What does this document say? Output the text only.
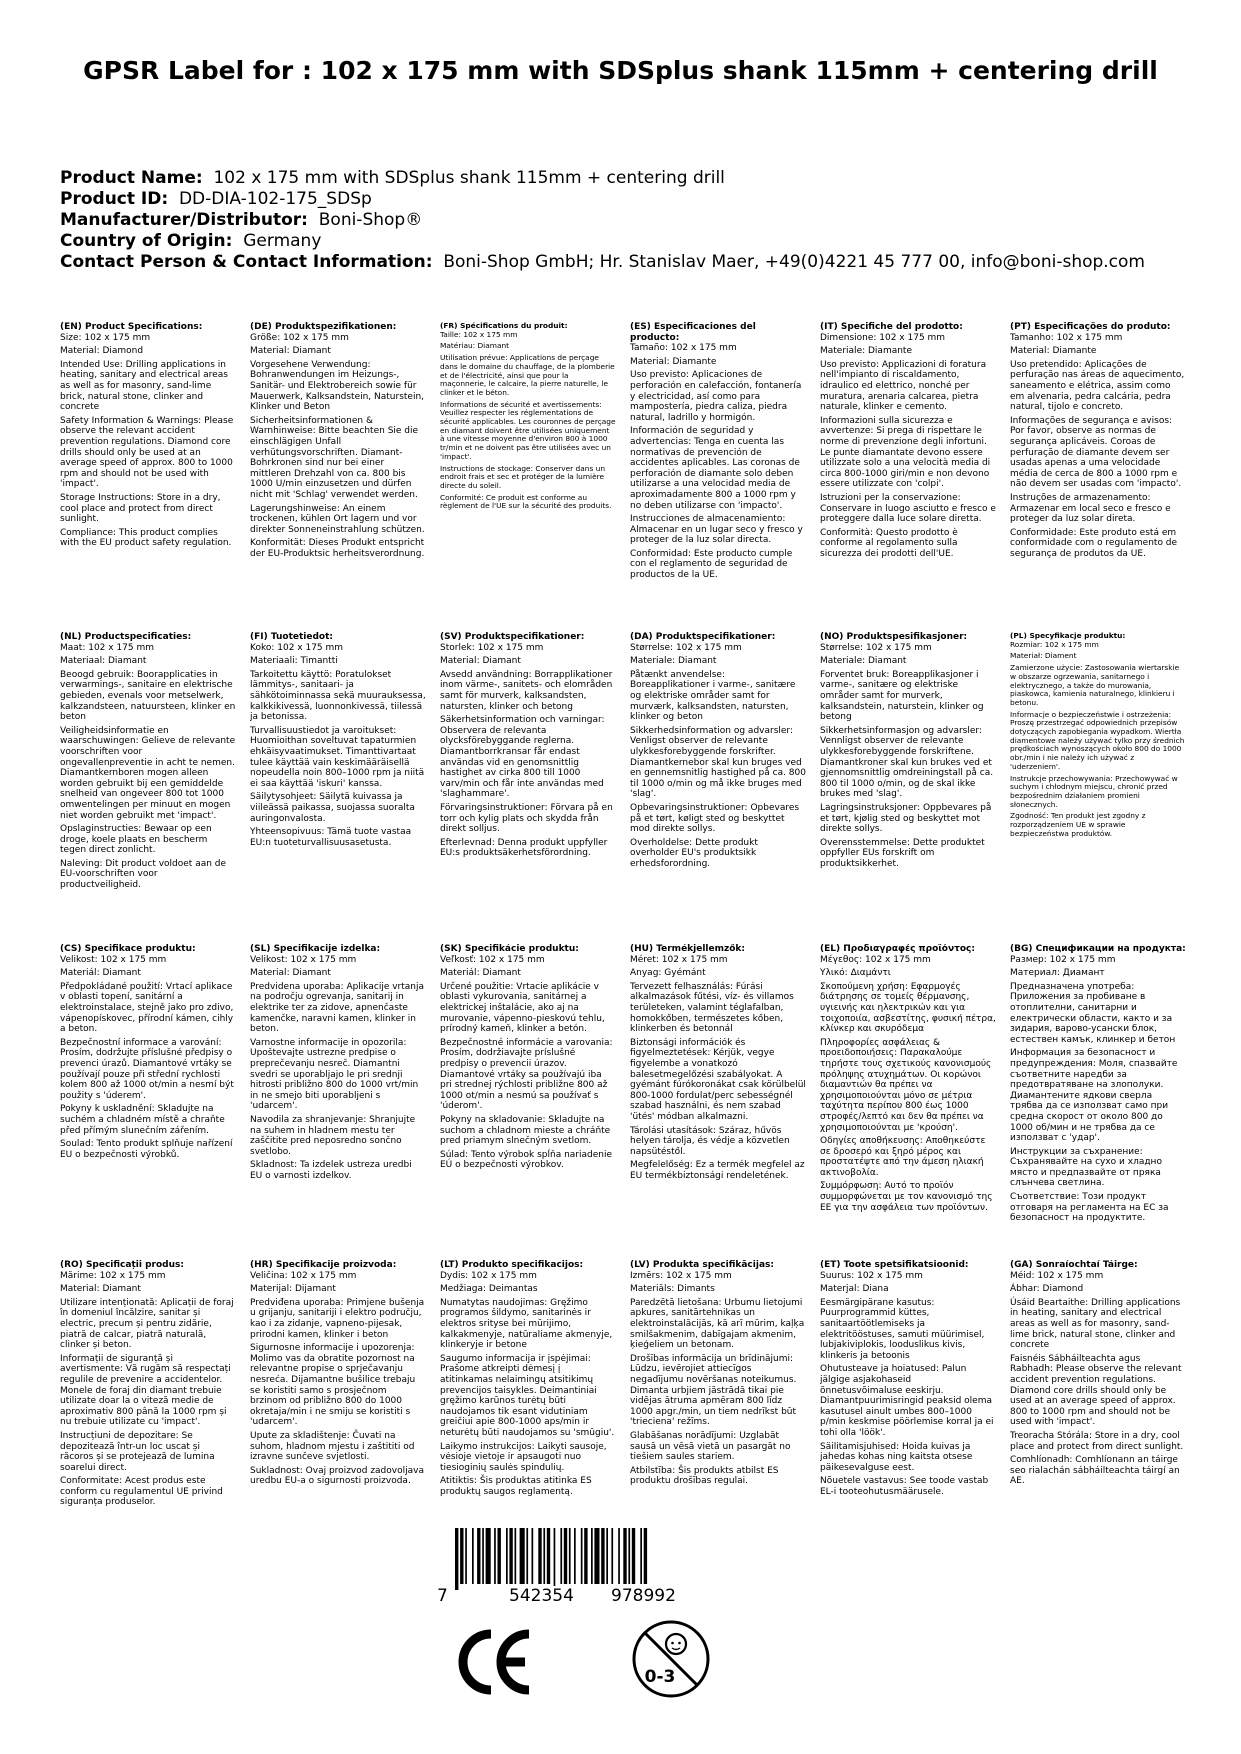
GPSR Label for : 102 x 175 mm with SDSplus shank 115mm + centering drill
Product Name: 102 x 175 mm with SDSplus shank 115mm + centering drill
Product ID: DD-DIA-102-175_SDSp
Manufacturer/Distributor: Boni-Shop®
Country of Origin: Germany
Contact Person & Contact Information: Boni-Shop GmbH; Hr. Stanislav Maer, +49(0)4221 45 777 00, info@boni-shop.com

(EN) Product Specifications:
Size: 102 x 175 mm

Material: Diamond

Intended Use: Drilling applications in heating, sanitary and electrical areas as well as for masonry, sand-lime brick, natural stone, clinker and concrete

Safety Information & Warnings: Please observe the relevant accident prevention regulations. Diamond core drills should only be used at an average speed of approx. 800 to 1000 rpm and should not be used with 'impact'.

Storage Instructions: Store in a dry, cool place and protect from direct sunlight.

Compliance: This product complies with the EU product safety regulation.

(DE) Produktspezifikationen:
Größe: 102 x 175 mm

Material: Diamant

Vorgesehene Verwendung: Bohranwendungen im Heizungs-, Sanitär- und Elektrobereich sowie für Mauerwerk, Kalksandstein, Naturstein, Klinker und Beton

Sicherheitsinformationen & Warnhinweise: Bitte beachten Sie die einschlägigen Unfall verhütungsvorschriften. Diamant-Bohrkronen sind nur bei einer mittleren Drehzahl von ca. 800 bis 1000 U/min einzusetzen und dürfen nicht mit 'Schlag' verwendet werden.

Lagerungshinweise: An einem trockenen, kühlen Ort lagern und vor direkter Sonneneinstrahlung schützen.

Konformität: Dieses Produkt entspricht der EU-Produktsic herheitsverordnung.

(FR) Spécifications du produit:
Taille: 102 x 175 mm

Matériau: Diamant

Utilisation prévue: Applications de perçage dans le domaine du chauffage, de la plomberie et de l'électricité, ainsi que pour la maçonnerie, le calcaire, la pierre naturelle, le clinker et le béton.

Informations de sécurité et avertissements: Veuillez respecter les réglementations de sécurité applicables. Les couronnes de perçage en diamant doivent être utilisées uniquement à une vitesse moyenne d'environ 800 à 1000 tr/min et ne doivent pas être utilisées avec un 'impact'.

Instructions de stockage: Conserver dans un endroit frais et sec et protéger de la lumière directe du soleil.

Conformité: Ce produit est conforme au règlement de l'UE sur la sécurité des produits.

(ES) Especificaciones del producto:
Tamaño: 102 x 175 mm

Material: Diamante

Uso previsto: Aplicaciones de perforación en calefacción, fontanería y electricidad, así como para mampostería, piedra caliza, piedra natural, ladrillo y hormigón.

Información de seguridad y advertencias: Tenga en cuenta las normativas de prevención de accidentes aplicables. Las coronas de perforación de diamante solo deben utilizarse a una velocidad media de aproximadamente 800 a 1000 rpm y no deben utilizarse con 'impacto'.

Instrucciones de almacenamiento: Almacenar en un lugar seco y fresco y proteger de la luz solar directa.

Conformidad: Este producto cumple con el reglamento de seguridad de productos de la UE.

(IT) Specifiche del prodotto:
Dimensione: 102 x 175 mm

Materiale: Diamante

Uso previsto: Applicazioni di foratura nell'impianto di riscaldamento, idraulico ed elettrico, nonché per muratura, arenaria calcarea, pietra naturale, klinker e cemento.

Informazioni sulla sicurezza e avvertenze: Si prega di rispettare le norme di prevenzione degli infortuni. Le punte diamantate devono essere utilizzate solo a una velocità media di circa 800-1000 giri/min e non devono essere utilizzate con 'colpi'.

Istruzioni per la conservazione: Conservare in luogo asciutto e fresco e proteggere dalla luce solare diretta.

Conformità: Questo prodotto è conforme al regolamento sulla sicurezza dei prodotti dell'UE.

(PT) Especificações do produto:
Tamanho: 102 x 175 mm

Material: Diamante

Uso pretendido: Aplicações de perfuração nas áreas de aquecimento, saneamento e elétrica, assim como em alvenaria, pedra calcária, pedra natural, tijolo e concreto.

Informações de segurança e avisos: Por favor, observe as normas de segurança aplicáveis. Coroas de perfuração de diamante devem ser usadas apenas a uma velocidade média de cerca de 800 a 1000 rpm e não devem ser usadas com 'impacto'.

Instruções de armazenamento: Armazenar em local seco e fresco e proteger da luz solar direta.

Conformidade: Este produto está em conformidade com o regulamento de segurança de produtos da UE.

(NL) Productspecificaties:
Maat: 102 x 175 mm

Materiaal: Diamant

Beoogd gebruik: Boorapplicaties in verwarmings-, sanitaire en elektrische gebieden, evenals voor metselwerk, kalkzandsteen, natuursteen, klinker en beton

Veiligheidsinformatie en waarschuwingen: Gelieve de relevante voorschriften voor ongevallenpreventie in acht te nemen. Diamantkernboren mogen alleen worden gebruikt bij een gemiddelde snelheid van ongeveer 800 tot 1000 omwentelingen per minuut en mogen niet worden gebruikt met 'impact'.

Opslaginstructies: Bewaar op een droge, koele plaats en bescherm tegen direct zonlicht.

Naleving: Dit product voldoet aan de EU-voorschriften voor productveiligheid.

(FI) Tuotetiedot:
Koko: 102 x 175 mm

Materiaali: Timantti

Tarkoitettu käyttö: Poratulokset lämmitys-, sanitaari- ja sähkötoiminnassa sekä muurauksessa, kalkkikivessä, luonnonkivessä, tiilessä ja betonissa.

Turvallisuustiedot ja varoitukset: Huomioithan soveltuvat tapaturmien ehkäisyvaatimukset. Timanttivartaat tulee käyttää vain keskimääräisellä nopeudella noin 800–1000 rpm ja niitä ei saa käyttää 'iskuri' kanssa.

Säilytysohjeet: Säilytä kuivassa ja viileässä paikassa, suojassa suoralta auringonvalosta.

Yhteensopivuus: Tämä tuote vastaa EU:n tuoteturvallisuusasetusta.

(SV) Produktspecifikationer:
Storlek: 102 x 175 mm

Material: Diamant

Avsedd användning: Borrapplikationer inom värme-, sanitets- och elområden samt för murverk, kalksandsten, natursten, klinker och betong

Säkerhetsinformation och varningar: Observera de relevanta olycksförebyggande reglerna. Diamantborrkransar får endast användas vid en genomsnittlig hastighet av cirka 800 till 1000 varv/min och får inte användas med 'slaghammare'.

Förvaringsinstruktioner: Förvara på en torr och kylig plats och skydda från direkt solljus.

Efterlevnad: Denna produkt uppfyller EU:s produktsäkerhetsförordning.

(DA) Produktspecifikationer:
Størrelse: 102 x 175 mm

Materiale: Diamant

Påtænkt anvendelse: Boreapplikationer i varme-, sanitære og elektriske områder samt for murværk, kalksandsten, natursten, klinker og beton

Sikkerhedsinformation og advarsler: Venligst observer de relevante ulykkesforebyggende forskrifter. Diamantkernebor skal kun bruges ved en gennemsnitlig hastighed på ca. 800 til 1000 o/min og må ikke bruges med 'slag'.

Opbevaringsinstruktioner: Opbevares på et tørt, køligt sted og beskyttet mod direkte sollys.

Overholdelse: Dette produkt overholder EU's produktsikk erhedsforordning.

(NO) Produktspesifikasjoner:
Størrelse: 102 x 175 mm

Materiale: Diamant

Forventet bruk: Boreapplikasjoner i varme-, sanitære og elektriske områder samt for murverk, kalksandstein, naturstein, klinker og betong

Sikkerhetsinformasjon og advarsler: Vennligst observer de relevante ulykkesforebyggende forskriftene. Diamantkroner skal kun brukes ved et gjennomsnittlig omdreiningstall på ca. 800 til 1000 o/min, og de skal ikke brukes med 'slag'.

Lagringsinstruksjoner: Oppbevares på et tørt, kjølig sted og beskyttet mot direkte sollys.

Overensstemmelse: Dette produktet oppfyller EUs forskrift om produktsikkerhet.

(PL) Specyfikacje produktu:
Rozmiar: 102 x 175 mm

Materiał: Diament

Zamierzone użycie: Zastosowania wiertarskie w obszarze ogrzewania, sanitarnego i elektrycznego, a także do murowania, piaskowca, kamienia naturalnego, klinkieru i betonu.

Informacje o bezpieczeństwie i ostrzeżenia: Proszę przestrzegać odpowiednich przepisów dotyczących zapobiegania wypadkom. Wiertła diamentowe należy używać tylko przy średnich prędkościach wynoszących około 800 do 1000 obr./min i nie należy ich używać z 'uderzeniem'.

Instrukcje przechowywania: Przechowywać w suchym i chłodnym miejscu, chronić przed bezpośrednim działaniem promieni słonecznych.

Zgodność: Ten produkt jest zgodny z rozporządzeniem UE w sprawie bezpieczeństwa produktów.

(CS) Specifikace produktu:
Velikost: 102 x 175 mm

Materiál: Diamant

Předpokládané použití: Vrtací aplikace v oblasti topení, sanitární a elektroinstalace, stejně jako pro zdivo, vápenopískovec, přírodní kámen, cihly a beton.

Bezpečnostní informace a varování: Prosím, dodržujte příslušné předpisy o prevenci úrazů. Diamantové vrtáky se používají pouze při střední rychlosti kolem 800 až 1000 ot/min a nesmí být použity s 'úderem'.

Pokyny k uskladnění: Skladujte na suchém a chladném místě a chraňte před přímým slunečním zářením.

Soulad: Tento produkt splňuje nařízení EU o bezpečnosti výrobků.

(SL) Specifikacije izdelka:
Velikost: 102 x 175 mm

Material: Diamant

Predvidena uporaba: Aplikacije vrtanja na področju ogrevanja, sanitarij in elektrike ter za zidove, apnenčaste kamenčke, naravni kamen, klinker in beton.

Varnostne informacije in opozorila: Upoštevajte ustrezne predpise o preprečevanju nesreč. Diamantni svedri se uporabljajo le pri srednji hitrosti približno 800 do 1000 vrt/min in ne smejo biti uporabljeni s 'udarcem'.

Navodila za shranjevanje: Shranjujte na suhem in hladnem mestu ter zaščitite pred neposredno sončno svetlobo.

Skladnost: Ta izdelek ustreza uredbi EU o varnosti izdelkov.

(SK) Špecifikácie produktu:
Veľkosť: 102 x 175 mm

Materiál: Diamant

Určené použitie: Vrtacie aplikácie v oblasti vykurovania, sanitárnej a elektrickej inštalácie, ako aj na murovanie, vápenno-pieskovú tehlu, prírodný kameň, klinker a betón.

Bezpečnostné informácie a varovania: Prosím, dodržiavajte príslušné predpisy o prevencii úrazov. Diamantové vrtáky sa používajú iba pri strednej rýchlosti približne 800 až 1000 ot/min a nesmú sa používať s 'úderom'.

Pokyny na skladovanie: Skladujte na suchom a chladnom mieste a chráňte pred priamym slnečným svetlom.

Súlad: Tento výrobok spĺňa nariadenie EÚ o bezpečnosti výrobkov.

(HU) Termékjellemzők:
Méret: 102 x 175 mm

Anyag: Gyémánt

Tervezett felhasználás: Fúrási alkalmazások fűtési, víz- és villamos területeken, valamint téglafalban, homokkőben, természetes kőben, klinkerben és betonnál

Biztonsági információk és figyelmeztetések: Kérjük, vegye figyelembe a vonatkozó balesetmegelőzési szabályokat. A gyémánt fúrókoronákat csak körülbelül 800-1000 fordulat/perc sebességnél szabad használni, és nem szabad 'ütés' módban alkalmazni.

Tárolási utasítások: Száraz, hűvös helyen tárolja, és védje a közvetlen napsütéstől.

Megfelelőség: Ez a termék megfelel az EU termékbiztonsági rendeletének.

(EL) Προδιαγραφές προϊόντος:
Μέγεθος: 102 x 175 mm

Υλικό: Διαμάντι

Σκοπούμενη χρήση: Εφαρμογές διάτρησης σε τομείς θέρμανσης, υγιεινής και ηλεκτρικών και για τοιχοποιία, ασβεστίτης, φυσική πέτρα, κλίνκερ και σκυρόδεμα

Πληροφορίες ασφάλειας & προειδοποιήσεις: Παρακαλούμε τηρήστε τους σχετικούς κανονισμούς πρόληψης ατυχημάτων. Οι κορώνοι διαμαντιών θα πρέπει να χρησιμοποιούνται μόνο σε μέτρια ταχύτητα περίπου 800 έως 1000 στροφές/λεπτό και δεν θα πρέπει να χρησιμοποιούνται με 'κρούση'.

Οδηγίες αποθήκευσης: Αποθηκεύστε σε δροσερό και ξηρό μέρος και προστατέψτε από την άμεση ηλιακή ακτινοβολία.

Συμμόρφωση: Αυτό το προϊόν συμμορφώνεται με τον κανονισμό της ΕΕ για την ασφάλεια των προϊόντων.

(BG) Спецификации на продукта:
Размер: 102 x 175 mm

Материал: Диамант

Предназначена употреба: Приложения за пробиване в отоплителни, санитарни и електрически области, както и за зидария, варово-усански блок, естествен камък, клинкер и бетон

Информация за безопасност и предупреждения: Моля, спазвайте съответните наредби за предотвратяване на злополуки. Диамантените ядкови сверла трябва да се използват само при средна скорост от около 800 до 1000 об/мин и не трябва да се използват с 'удар'.

Инструкции за съхранение: Съхранявайте на сухо и хладно място и предпазвайте от пряка слънчева светлина.

Съответствие: Този продукт отговаря на регламента на ЕС за безопасност на продуктите.

(RO) Specificații produs:
Mărime: 102 x 175 mm

Material: Diamant

Utilizare intenționată: Aplicații de foraj în domeniul încălzire, sanitar și electric, precum și pentru zidărie, piatră de calcar, piatră naturală, clinker și beton.

Informații de siguranță și avertismente: Vă rugăm să respectați regulile de prevenire a accidentelor. Monele de foraj din diamant trebuie utilizate doar la o viteză medie de aproximativ 800 până la 1000 rpm și nu trebuie utilizate cu 'impact'.

Instrucțiuni de depozitare: Se depozitează într-un loc uscat și răcoros și se protejează de lumina soarelui direct.

Conformitate: Acest produs este conform cu regulamentul UE privind siguranța produselor.

(HR) Specifikacije proizvoda:
Veličina: 102 x 175 mm

Materijal: Dijamant

Predviđena uporaba: Primjene bušenja u grijanju, sanitariji i elektro području, kao i za zidanje, vapneno-pijesak, prirodni kamen, klinker i beton

Sigurnosne informacije i upozorenja: Molimo vas da obratite pozornost na relevantne propise o sprječavanju nesreća. Dijamantne bušilice trebaju se koristiti samo s prosječnom brzinom od približno 800 do 1000 okretaja/min i ne smiju se koristiti s 'udarcem'.

Upute za skladištenje: Čuvati na suhom, hladnom mjestu i zaštititi od izravne sunčeve svjetlosti.

Sukladnost: Ovaj proizvod zadovoljava uredbu EU-a o sigurnosti proizvoda.

(LT) Produkto specifikacijos:
Dydis: 102 x 175 mm

Medžiaga: Deimantas

Numatytas naudojimas: Gręžimo programos šildymo, sanitarinės ir elektros srityse bei mūrijimo, kalkakmenyje, natūraliame akmenyje, klinkeryje ir betone

Saugumo informacija ir įspėjimai: Prašome atkreipti dėmesį į atitinkamas nelaimingų atsitikimų prevencijos taisykles. Deimantiniai gręžimo karūnos turėtų būti naudojamos tik esant vidutiniam greičiui apie 800-1000 aps/min ir neturėtų būti naudojamos su 'smūgiu'.

Laikymo instrukcijos: Laikyti sausoje, vėsioje vietoje ir apsaugoti nuo tiesioginių saulės spindulių.

Atitiktis: Šis produktas atitinka ES produktų saugos reglamentą.

(LV) Produkta specifikācijas:
Izmērs: 102 x 175 mm

Materiāls: Dimants

Paredzētā lietošana: Urbumu lietojumi apkures, sanitārtehnikas un elektroinstalācijās, kā arī mūrim, kaļķa smilšakmenim, dabīgajam akmenim, ķieģeliem un betonam.

Drošības informācija un brīdinājumi: Lūdzu, ievērojiet attiecīgos negadījumu novēršanas noteikumus. Dimanta urbjiem jāstrādā tikai pie vidējas ātruma apmēram 800 līdz 1000 apgr./min, un tiem nedrīkst būt 'trieciena' režīms.

Glabāšanas norādījumi: Uzglabāt sausā un vēsā vietā un pasargāt no tiešiem saules stariem.

Atbilstība: Šis produkts atbilst ES produktu drošības regulai.

(ET) Toote spetsifikatsioonid:
Suurus: 102 x 175 mm

Materjal: Diana

Eesmärgipärane kasutus: Puurprogrammid küttes, sanitaartöötlemiseks ja elektritööstuses, samuti müürimisel, lubjakiviplokis, looduslikus kivis, klinkeris ja betoonis

Ohutusteave ja hoiatused: Palun jälgige asjakohaseid õnnetusvõimaluse eeskirju. Diamantpuurimisringid peaksid olema kasutusel ainult umbes 800–1000 p/min keskmise pöörlemise korral ja ei tohi olla 'löök'.

Säilitamisjuhised: Hoida kuivas ja jahedas kohas ning kaitsta otsese päikesevalguse eest.

Nõuetele vastavus: See toode vastab EL-i tooteohutusmäärusele.

(GA) Sonraíochtaí Táirge:
Méid: 102 x 175 mm

Ábhar: Diamond

Úsáid Beartaithe: Drilling applications in heating, sanitary and electrical areas as well as for masonry, sand-lime brick, natural stone, clinker and concrete

Faisnéis Sábháilteachta agus Rabhadh: Please observe the relevant accident prevention regulations. Diamond core drills should only be used at an average speed of approx. 800 to 1000 rpm and should not be used with 'impact'.

Treoracha Stórála: Store in a dry, cool place and protect from direct sunlight.

Comhlíonadh: Comhlíonann an táirge seo rialachán sábháilteachta táirgí an AE.

7	542354 978992
0-3
